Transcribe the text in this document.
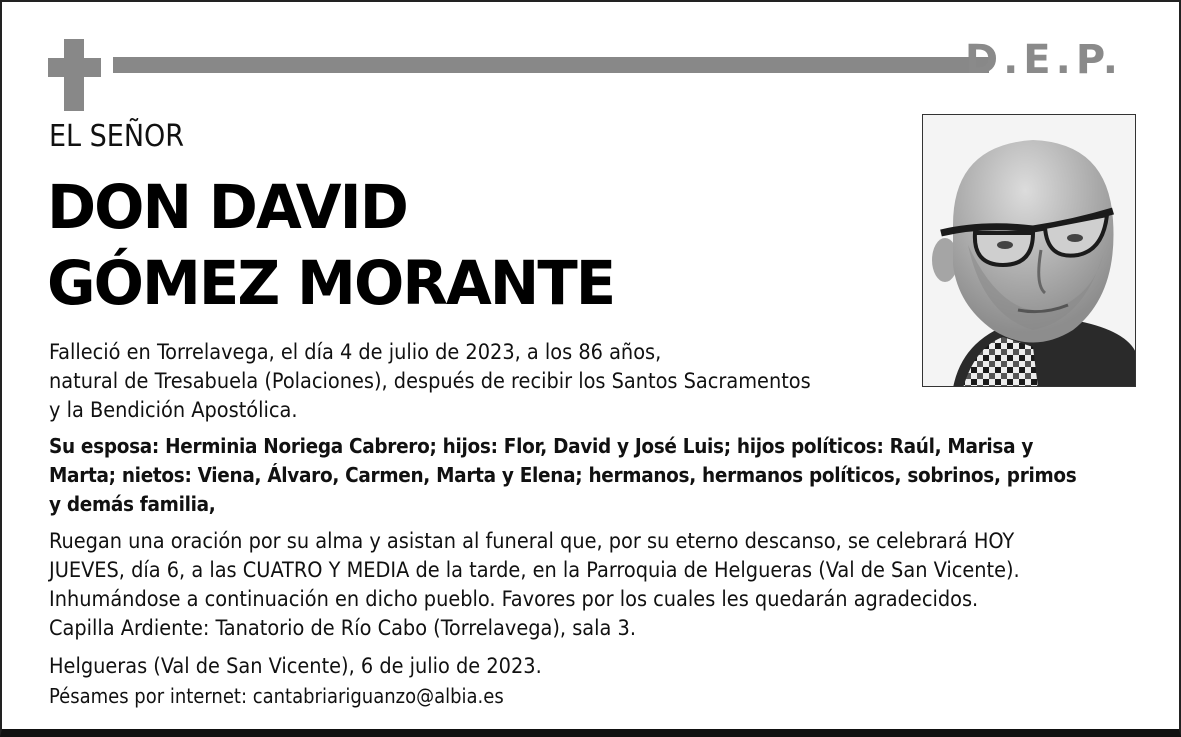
D.E.P.
EL SEÑOR
DON DAVID
GÓMEZ MORANTE
Falleció en Torrelavega, el día 4 de julio de 2023, a los 86 años,
natural de Tresabuela (Polaciones), después de recibir los Santos Sacramentos
y la Bendición Apostólica.
Su esposa: Herminia Noriega Cabrero; hijos: Flor, David y José Luis; hijos políticos: Raúl, Marisa y
Marta; nietos: Viena, Álvaro, Carmen, Marta y Elena; hermanos, hermanos políticos, sobrinos, primos
y demás familia,
Ruegan una oración por su alma y asistan al funeral que, por su eterno descanso, se celebrará HOY
JUEVES, día 6, a las CUATRO Y MEDIA de la tarde, en la Parroquia de Helgueras (Val de San Vicente).
Inhumándose a continuación en dicho pueblo. Favores por los cuales les quedarán agradecidos.
Capilla Ardiente: Tanatorio de Río Cabo (Torrelavega), sala 3.
Helgueras (Val de San Vicente), 6 de julio de 2023.
Pésames por internet: cantabriariguanzo@albia.es
